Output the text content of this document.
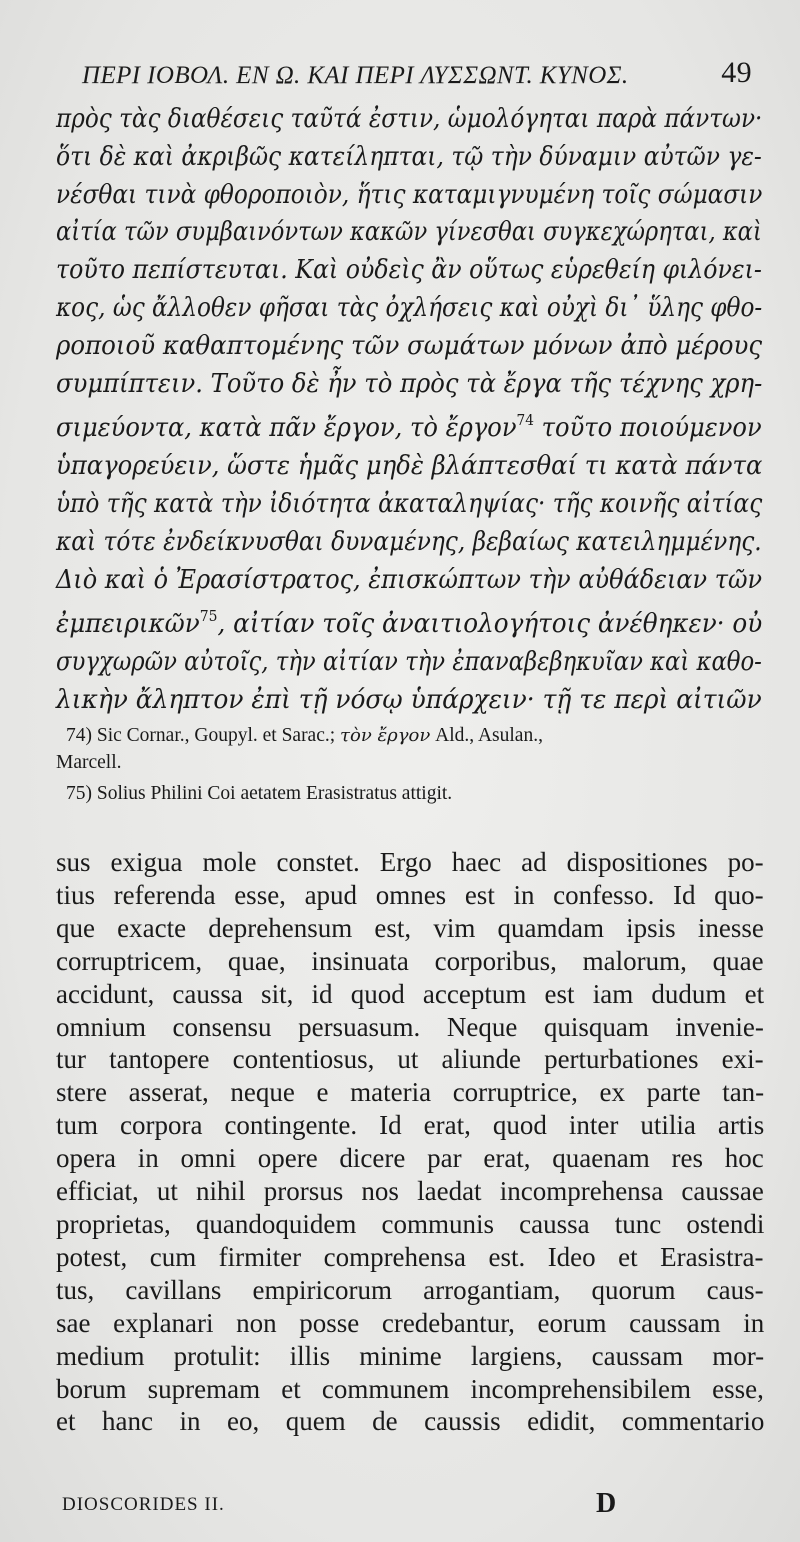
ΠΕΡΙ ΙΟΒΟΛ. ΕΝ Ω. ΚΑΙ ΠΕΡΙ ΛΥΣΣΩΝΤ. ΚΥΝΟΣ.	49
πρὸς τὰς διαθέσεις ταῦτά ἐστιν, ὡμολόγηται παρὰ πάντων·
ὅτι δὲ καὶ ἀκριβῶς κατείληπται, τῷ τὴν δύναμιν αὐτῶν γε-
νέσθαι τινὰ φθοροποιὸν, ἥτις καταμιγνυμένη τοῖς σώμασιν
αἰτία τῶν συμβαινόντων κακῶν γίνεσθαι συγκεχώρηται, καὶ
τοῦτο πεπίστευται. Καὶ οὐδεὶς ἂν οὕτως εὑρεθείη φιλόνει-
κος, ὡς ἄλλοθεν φῆσαι τὰς ὀχλήσεις καὶ οὐχὶ δι᾽ ὕλης φθο-
ροποιοῦ καθαπτομένης τῶν σωμάτων μόνων ἀπὸ μέρους
συμπίπτειν. Τοῦτο δὲ ἦν τὸ πρὸς τὰ ἔργα τῆς τέχνης χρη-
σιμεύοντα, κατὰ πᾶν ἔργον, τὸ ἔργον$^{74}$ τοῦτο ποιούμενον
ὑπαγορεύειν, ὥστε ἡμᾶς μηδὲ βλάπτεσθαί τι κατὰ πάντα
ὑπὸ τῆς κατὰ τὴν ἰδιότητα ἀκαταληψίας· τῆς κοινῆς αἰτίας
καὶ τότε ἐνδείκνυσθαι δυναμένης, βεβαίως κατειλημμένης.
Διὸ καὶ ὁ Ἐρασίστρατος, ἐπισκώπτων τὴν αὐθάδειαν τῶν
ἐμπειρικῶν$^{75}$, αἰτίαν τοῖς ἀναιτιολογήτοις ἀνέθηκεν· οὐ
συγχωρῶν αὐτοῖς, τὴν αἰτίαν τὴν ἐπαναβεβηκυῖαν καὶ καθο-
λικὴν ἄληπτον ἐπὶ τῇ νόσῳ ὑπάρχειν· τῇ τε περὶ αἰτιῶν
74) Sic Cornar., Goupyl. et Sarac.; τὸν ἔργον Ald., Asulan.,
Marcell.
75) Solius Philini Coi aetatem Erasistratus attigit.
sus exigua mole constet. Ergo haec ad dispositiones po-
tius referenda esse, apud omnes est in confesso. Id quo-
que exacte deprehensum est, vim quamdam ipsis inesse
corruptricem, quae, insinuata corporibus, malorum, quae
accidunt, caussa sit, id quod acceptum est iam dudum et
omnium consensu persuasum. Neque quisquam invenie-
tur tantopere contentiosus, ut aliunde perturbationes exi-
stere asserat, neque e materia corruptrice, ex parte tan-
tum corpora contingente. Id erat, quod inter utilia artis
opera in omni opere dicere par erat, quaenam res hoc
efficiat, ut nihil prorsus nos laedat incomprehensa caussae
proprietas, quandoquidem communis caussa tunc ostendi
potest, cum firmiter comprehensa est. Ideo et Erasistra-
tus, cavillans empiricorum arrogantiam, quorum caus-
sae explanari non posse credebantur, eorum caussam in
medium protulit: illis minime largiens, caussam mor-
borum supremam et communem incomprehensibilem esse,
et hanc in eo, quem de caussis edidit, commentario
DIOSCORIDES II.	D
